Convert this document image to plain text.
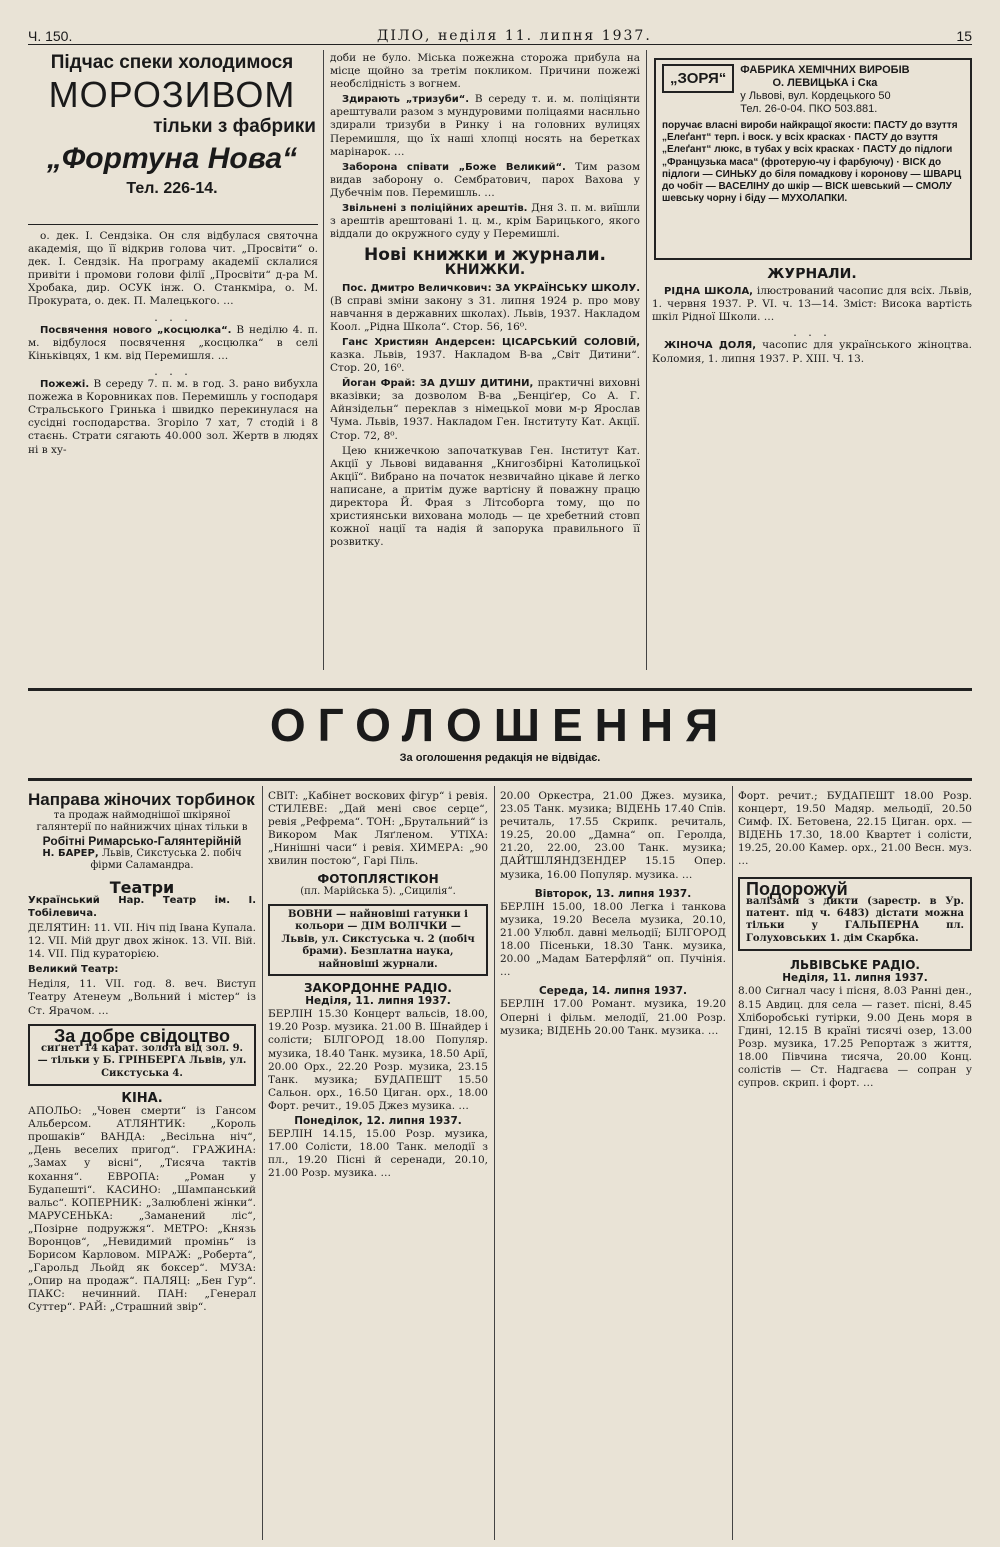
Ч. 150.	ДІЛО, неділя 11. липня 1937.	15
Підчас спеки холодимося
МОРОЗИВОМ
тільки з фабрики
„Фортуна Нова“
Тел. 226-14.

о. дек. І. Сендзіка. Он сля відбулася святочна академія, що її відкрив голова чит. „Просвіти“ о. дек. І. Сендзік. На програму академії склалися привіти і промови голови філії „Просвіти“ д-ра М. Хробака, дир. ОСУК інж. О. Станкміра, о. М. Прокурата, о. дек. П. Малецького. …

. . .

Посвячення нового „косцюлка“. В неділю 4. п. м. відбулося посвячення „косцюлка“ в селі Кіньківцях, 1 км. від Перемишля. …

. . .

Пожежі. В середу 7. п. м. в год. 3. рано вибухла пожежа в Коровниках пов. Перемишль у господаря Стральського Гринька і швидко перекинулася на сусідні господарства. Згоріло 7 хат, 7 стодій і 8 стаєнь. Страти сягають 40.000 зол. Жертв в людях ні в ху-

доби не було. Міська пожежна сторожа прибула на місце щойно за третім покликом. Причини пожежі необслідність з вогнем.

Здирають „тризуби“. В середу т. и. м. поліціянти арештували разом з мундуровими поліцаями наснльно здирали тризуби в Ринку і на головних вулицях Перемишля, що їх наші хлопці носять на беретках марінарок. …

Заборона співати „Боже Великий“. Тим разом видав заборону о. Сембратович, парох Вахова у Дубечнім пов. Перемишль. …

Звільнені з поліційних арештів. Дня 3. п. м. виїшли з арештів арештовані 1. ц. м., крім Барицького, якого віддали до окружного суду у Перемишлі.

Нові книжки и журнали.
КНИЖКИ.

Пос. Дмитро Величкович: ЗА УКРАЇНСЬКУ ШКОЛУ. (В справі зміни закону з 31. липня 1924 р. про мову навчання в державних школах). Львів, 1937. Накладом Коол. „Рідна Школа“. Стор. 56, 16⁰.

Ганс Християн Андерсен: ЦІСАРСЬКИЙ СОЛОВІЙ, казка. Львів, 1937. Накладом В-ва „Світ Дитини“. Стор. 20, 16⁰.

Йоган Фрай: ЗА ДУШУ ДИТИНИ, практичні виховні вказівки; за дозволом В-ва „Бенціґер, Со А. Г. Айнзідельн“ переклав з німецької мови м-р Ярослав Чума. Львів, 1937. Накладом Ген. Інституту Кат. Акції. Стор. 72, 8⁰.

Цею книжечкою започаткував Ген. Інститут Кат. Акції у Львові видавання „Книгозбірні Католицької Акції“. Вибрано на початок незвичайно цікаве й легко написане, а притім дуже вартісну й поважну працю директора Й. Фрая з Літсоборга тому, що по християнськи вихована молодь — це хребетний стовп кожної нації та надія й запорука правильного її розвитку.

„ЗОРЯ“	ФАБРИКА ХЕМІЧНИХ ВИРОБІВ
О. ЛЕВИЦЬКА і Ска
у Львові, вул. Кордецького 50
Тел. 26-0-04. ПКО 503.881.
поручає власні вироби найкращої якости: ПАСТУ до взуття „Елеґант“ терп. і воск. у всіх красках · ПАСТУ до взуття „Елеґант“ люкс, в тубах у всіх красках · ПАСТУ до підлоги „Французька маса“ (фротерую-чу і фарбуючу) · ВІСК до підлоги — СИНЬКУ до біля помадкову і короновy — ШВАРЦ до чобіт — ВАСЕЛІНУ до шкір — ВІСК шевський — СМОЛУ шевську чорну і біду — МУХОЛАПКИ.
ЖУРНАЛИ.

РІДНА ШКОЛА, ілюстрований часопис для всіх. Львів, 1. червня 1937. Р. VI. ч. 13—14. Зміст: Висока вартість шкіл Рідної Школи. …

. . .

ЖІНОЧА ДОЛЯ, часопис для українського жіноцтва. Коломия, 1. липня 1937. Р. XIII. Ч. 13.

ОГОЛОШЕННЯ
За оголошення редакція не відвідає.
Направа жіночих торбинок
та продаж наймоднішої шкіряної галянтерії по найнижчих цінах тільки в
Робітні Римарсько-Галянтерійній
Н. БАРЕР, Львів, Сикстуська 2. побіч фірми Саламандра.
Театри

Український Нар. Театр ім. І. Тобілевича.

ДЕЛЯТИН: 11. VII. Ніч під Івана Купала. 12. VII. Мій друг двох жінок. 13. VII. Вій. 14. VII. Під кураторією.

Великий Театр:

Неділя, 11. VII. год. 8. веч. Виступ Театру Атенеум „Вольний і містер“ із Ст. Ярачом. …

За добре свідоцтво
сиґнет 14 карат. золота від зол. 9.— тільки у Б. ГРІНБЕРГА Львів, ул. Сикстуська 4.
КІНА.

АПОЛЬО: „Човен смерти“ із Гансом Альберсом. АТЛЯНТИК: „Король прошаків“ ВАНДА: „Весільна ніч“, „День веселих пригод“. ГРАЖИНА: „Замах у вісні“, „Тисяча тактів кохання“. ЕВРОПА: „Роман у Будапешті“. КАСИНО: „Шампанський вальс“. КОПЕРНИК: „Залюблені жінки“. МАРУСЕНЬКА: „Заманений ліс“, „Позірне подружжя“. МЕТРО: „Князь Воронцов“, „Невидимий промінь“ із Борисом Карловом. МІРАЖ: „Роберта“, „Гарольд Льойд як боксер“. МУЗА: „Опир на продаж“. ПАЛЯЦ: „Бен Гур“. ПАКС: нечинний. ПАН: „Генерал Суттер“. РАЙ: „Страшний звір“.

СВІТ: „Кабінет воскових фігур“ і ревія. СТИЛЕВЕ: „Дай мені своє серце“, ревія „Рефрема“. ТОН: „Брутальний“ із Викором Мак Ляґленом. УТІХА: „Нинішні часи“ і ревія. ХИМЕРА: „90 хвилин постою“, Гарі Піль.

ФОТОПЛЯСТІКОН
(пл. Марійська 5). „Сицилія“.
ВОВНИ — найновіші гатунки і кольори — ДІМ ВОЛІЧКИ — Львів, ул. Сикстуська ч. 2 (побіч брами). Безплатна наука, найновіші журнали.
ЗАКОРДОННЕ РАДІО.
Неділя, 11. липня 1937.

БЕРЛІН 15.30 Концерт вальсів, 18.00, 19.20 Розр. музика. 21.00 В. Шнайдер і солісти; БІЛГОРОД 18.00 Популяр. музика, 18.40 Танк. музика, 18.50 Арії, 20.00 Орх., 22.20 Розр. музика, 23.15 Танк. музика; БУДАПЕШТ 15.50 Сальон. орх., 16.50 Циган. орх., 18.00 Форт. речит., 19.05 Джез музика. …

Понеділок, 12. липня 1937.

БЕРЛІН 14.15, 15.00 Розр. музика, 17.00 Солісти, 18.00 Танк. мелодії з пл., 19.20 Пісні й серенади, 20.10, 21.00 Розр. музика. …

20.00 Оркестра, 21.00 Джез. музика, 23.05 Танк. музика; ВІДЕНЬ 17.40 Спів. речиталь, 17.55 Скрипк. речиталь, 19.25, 20.00 „Дамна“ оп. Геролда, 21.20, 22.00, 23.00 Танк. музика; ДАЙТШЛЯНДЗЕНДЕР 15.15 Опер. музика, 16.00 Популяр. музика. …

Вівторок, 13. липня 1937.

БЕРЛІН 15.00, 18.00 Легка і танкова музика, 19.20 Весела музика, 20.10, 21.00 Улюбл. давні мельодії; БІЛГОРОД 18.00 Пісеньки, 18.30 Танк. музика, 20.00 „Мадам Батерфляй“ оп. Пучінія. …

Середа, 14. липня 1937.

БЕРЛІН 17.00 Романт. музика, 19.20 Оперні і фільм. мелодії, 21.00 Розр. музика; ВІДЕНЬ 20.00 Танк. музика. …

Форт. речит.; БУДАПЕШТ 18.00 Розр. концерт, 19.50 Мадяр. мельодії, 20.50 Симф. ІХ. Бетовена, 22.15 Циган. орх. — ВІДЕНЬ 17.30, 18.00 Квартет і солісти, 19.25, 20.00 Камер. орх., 21.00 Весн. муз. …

Подорожуй
валізами з дикти (зарестр. в Ур. патент. під ч. 6483) дістати можна тільки у ГАЛЬПЕРНА пл. Голуховських 1. дім Скарбка.
ЛЬВІВСЬКЕ РАДІО.
Неділя, 11. липня 1937.

8.00 Сигнал часу і пісня, 8.03 Ранні ден., 8.15 Авдиц. для села — газет. пісні, 8.45 Хліборобські гутірки, 9.00 День моря в Гдині, 12.15 В країні тисячі озер, 13.00 Розр. музика, 17.25 Репортаж з життя, 18.00 Півчина тисяча, 20.00 Конц. солістів — Ст. Надгаєва — сопран у супров. скрип. і форт. …
